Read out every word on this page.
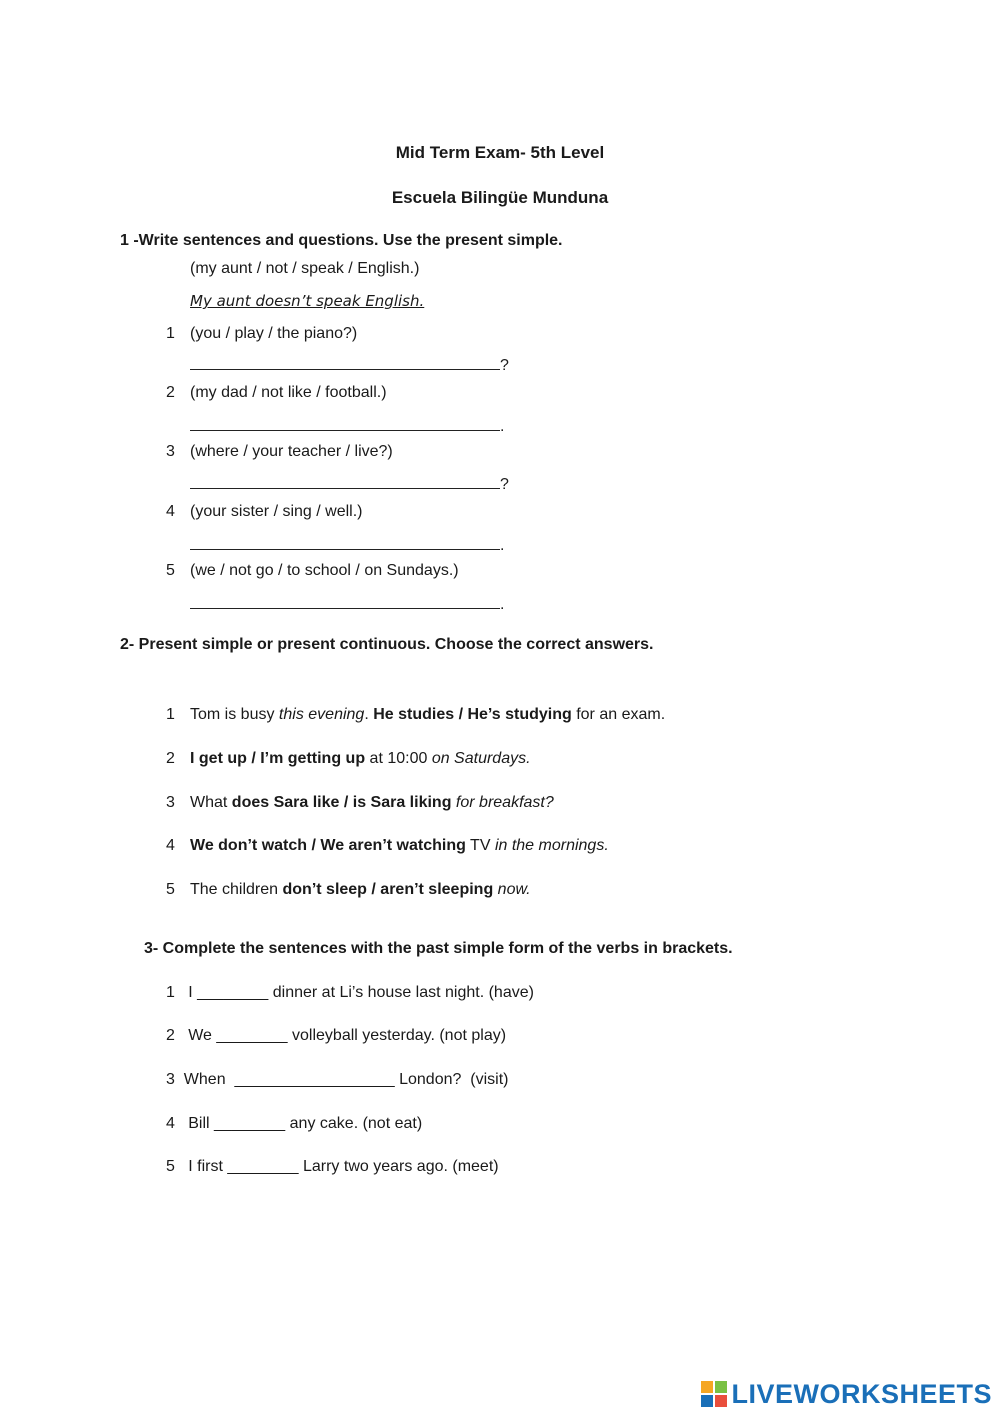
Mid Term Exam- 5th Level
Escuela Bilingüe Munduna
1 -Write sentences and questions. Use the present simple.
(my aunt / not / speak / English.)
My aunt doesn’t speak English.
1 (you / play / the piano?)
?
2 (my dad / not like / football.)
.
3 (where / your teacher / live?)
?
4 (your sister / sing / well.)
.
5 (we / not go / to school / on Sundays.)
.
2- Present simple or present continuous. Choose the correct answers.
1 Tom is busy this evening. He studies / He’s studying for an exam.
2 I get up / I’m getting up at 10:00 on Saturdays.
3 What does Sara like / is Sara liking for breakfast?
4 We don’t watch / We aren’t watching TV in the mornings.
5 The children don’t sleep / aren’t sleeping now.
3- Complete the sentences with the past simple form of the verbs in brackets.
1   I ________ dinner at Li’s house last night. (have)
2   We ________ volleyball yesterday. (not play)
3  When  __________________ London?  (visit)
4   Bill ________ any cake. (not eat)
5   I first ________ Larry two years ago. (meet)
LIVEWORKSHEETS
